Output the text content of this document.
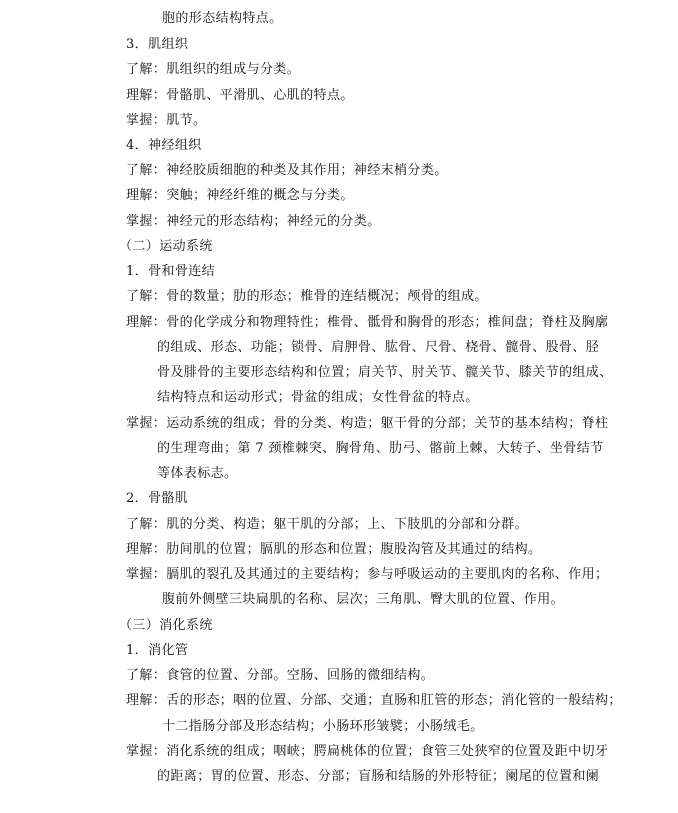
胞的形态结构特点。
3．肌组织
了解：肌组织的组成与分类。
理解：骨骼肌、平滑肌、心肌的特点。
掌握：肌节。
4．神经组织
了解：神经胶质细胞的种类及其作用；神经末梢分类。
理解：突触；神经纤维的概念与分类。
掌握：神经元的形态结构；神经元的分类。
（二）运动系统
1．骨和骨连结
了解：骨的数量；肋的形态；椎骨的连结概况；颅骨的组成。
理解：骨的化学成分和物理特性；椎骨、骶骨和胸骨的形态；椎间盘；脊柱及胸廓
的组成、形态、功能；锁骨、肩胛骨、肱骨、尺骨、桡骨、髋骨、股骨、胫
骨及腓骨的主要形态结构和位置；肩关节、肘关节、髋关节、膝关节的组成、
结构特点和运动形式；骨盆的组成；女性骨盆的特点。
掌握：运动系统的组成；骨的分类、构造；躯干骨的分部；关节的基本结构；脊柱
的生理弯曲；第 7 颈椎棘突、胸骨角、肋弓、髂前上棘、大转子、坐骨结节
等体表标志。
2．骨骼肌
了解：肌的分类、构造；躯干肌的分部；上、下肢肌的分部和分群。
理解：肋间肌的位置；膈肌的形态和位置；腹股沟管及其通过的结构。
掌握：膈肌的裂孔及其通过的主要结构；参与呼吸运动的主要肌肉的名称、作用；
腹前外侧壁三块扁肌的名称、层次；三角肌、臀大肌的位置、作用。
（三）消化系统
1．消化管
了解：食管的位置、分部。空肠、回肠的微细结构。
理解：舌的形态；咽的位置、分部、交通；直肠和肛管的形态；消化管的一般结构；
十二指肠分部及形态结构；小肠环形皱襞；小肠绒毛。
掌握：消化系统的组成；咽峡；腭扁桃体的位置；食管三处狭窄的位置及距中切牙
的距离；胃的位置、形态、分部；盲肠和结肠的外形特征；阑尾的位置和阑
